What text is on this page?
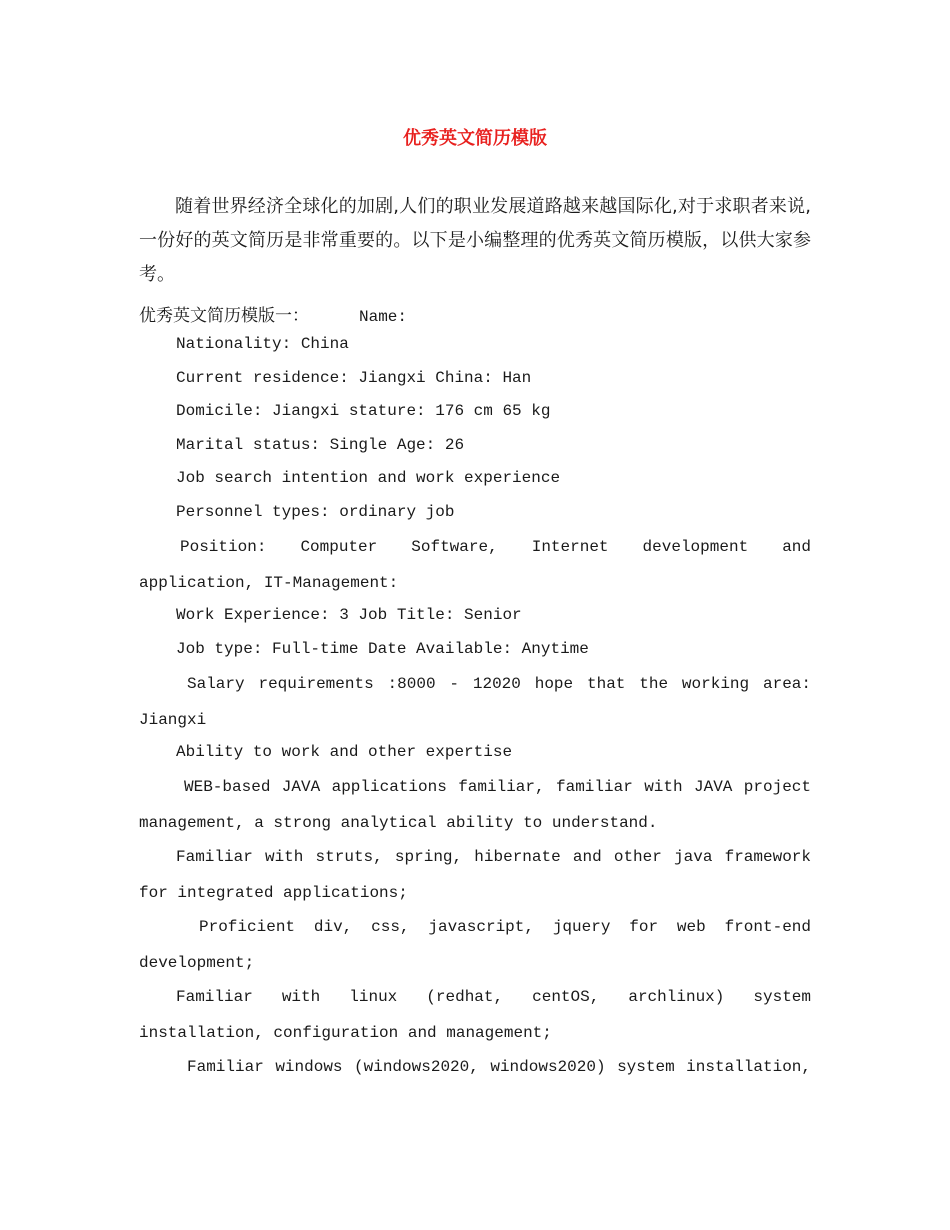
优秀英文简历模版
随着世界经济全球化的加剧,人们的职业发展道路越来越国际化,对于求职者来说,一份好的英文简历是非常重要的。以下是小编整理的优秀英文简历模版，以供大家参考。
优秀英文简历模版一：	Name:
Nationality: China
Current residence: Jiangxi China: Han
Domicile: Jiangxi stature: 176 cm 65 kg
Marital status: Single Age: 26
Job search intention and work experience
Personnel types: ordinary job
Position: Computer Software, Internet development and application, IT-Management:
Work Experience: 3 Job Title: Senior
Job type: Full-time Date Available: Anytime
Salary requirements :8000 - 12020 hope that the working area: Jiangxi
Ability to work and other expertise
WEB-based JAVA applications familiar, familiar with JAVA project management, a strong analytical ability to understand.
Familiar with struts, spring, hibernate and other java framework for integrated applications;
Proficient div, css, javascript, jquery for web front-end development;
Familiar with linux (redhat, centOS, archlinux) system installation, configuration and management;
Familiar windows (windows2020, windows2020) system installation,
